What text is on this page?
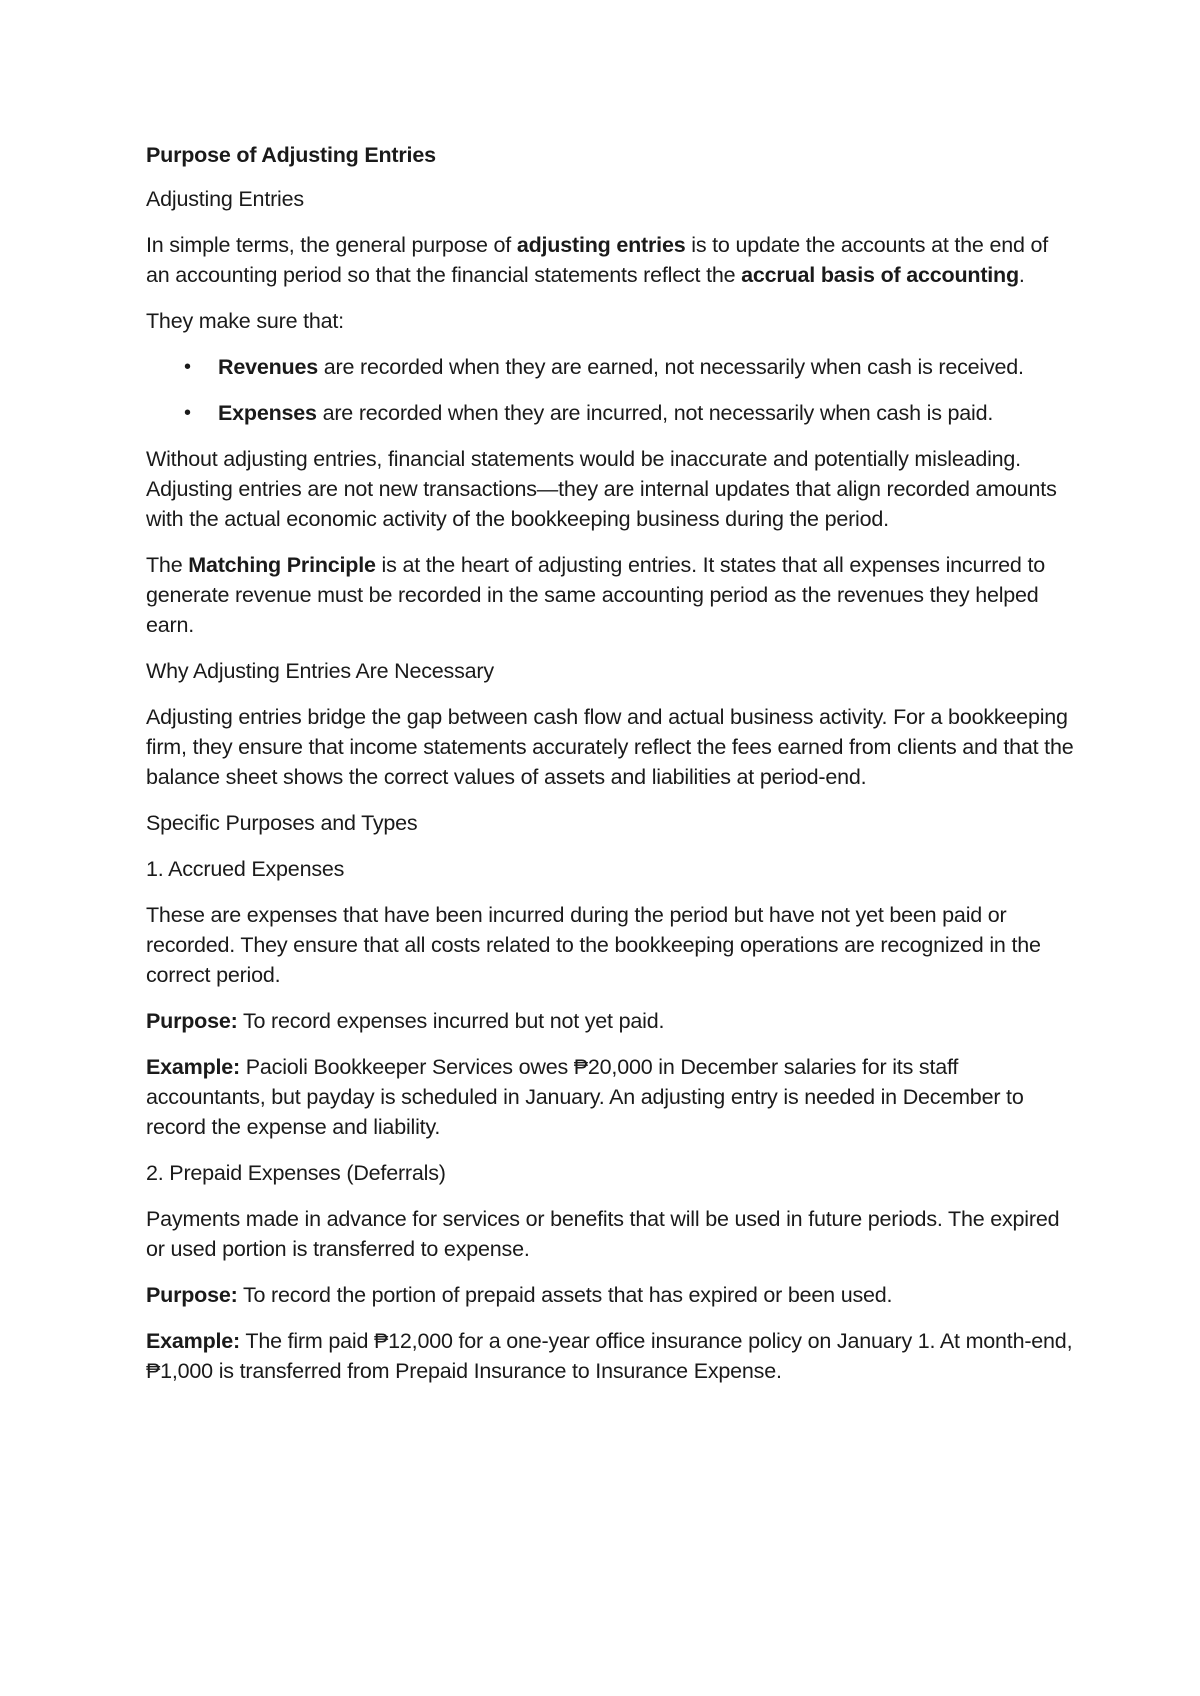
Purpose of Adjusting Entries

Adjusting Entries

In simple terms, the general purpose of adjusting entries is to update the accounts at the end of an accounting period so that the financial statements reflect the accrual basis of accounting.

They make sure that:

• Revenues are recorded when they are earned, not necessarily when cash is received.
• Expenses are recorded when they are incurred, not necessarily when cash is paid.

Without adjusting entries, financial statements would be inaccurate and potentially misleading. Adjusting entries are not new transactions—they are internal updates that align recorded amounts with the actual economic activity of the bookkeeping business during the period.

The Matching Principle is at the heart of adjusting entries. It states that all expenses incurred to generate revenue must be recorded in the same accounting period as the revenues they helped earn.

Why Adjusting Entries Are Necessary

Adjusting entries bridge the gap between cash flow and actual business activity. For a bookkeeping firm, they ensure that income statements accurately reflect the fees earned from clients and that the balance sheet shows the correct values of assets and liabilities at period-end.

Specific Purposes and Types

1. Accrued Expenses

These are expenses that have been incurred during the period but have not yet been paid or recorded. They ensure that all costs related to the bookkeeping operations are recognized in the correct period.

Purpose: To record expenses incurred but not yet paid.

Example: Pacioli Bookkeeper Services owes ₱20,000 in December salaries for its staff accountants, but payday is scheduled in January. An adjusting entry is needed in December to record the expense and liability.

2. Prepaid Expenses (Deferrals)

Payments made in advance for services or benefits that will be used in future periods. The expired or used portion is transferred to expense.

Purpose: To record the portion of prepaid assets that has expired or been used.

Example: The firm paid ₱12,000 for a one-year office insurance policy on January 1. At month-end, ₱1,000 is transferred from Prepaid Insurance to Insurance Expense.
